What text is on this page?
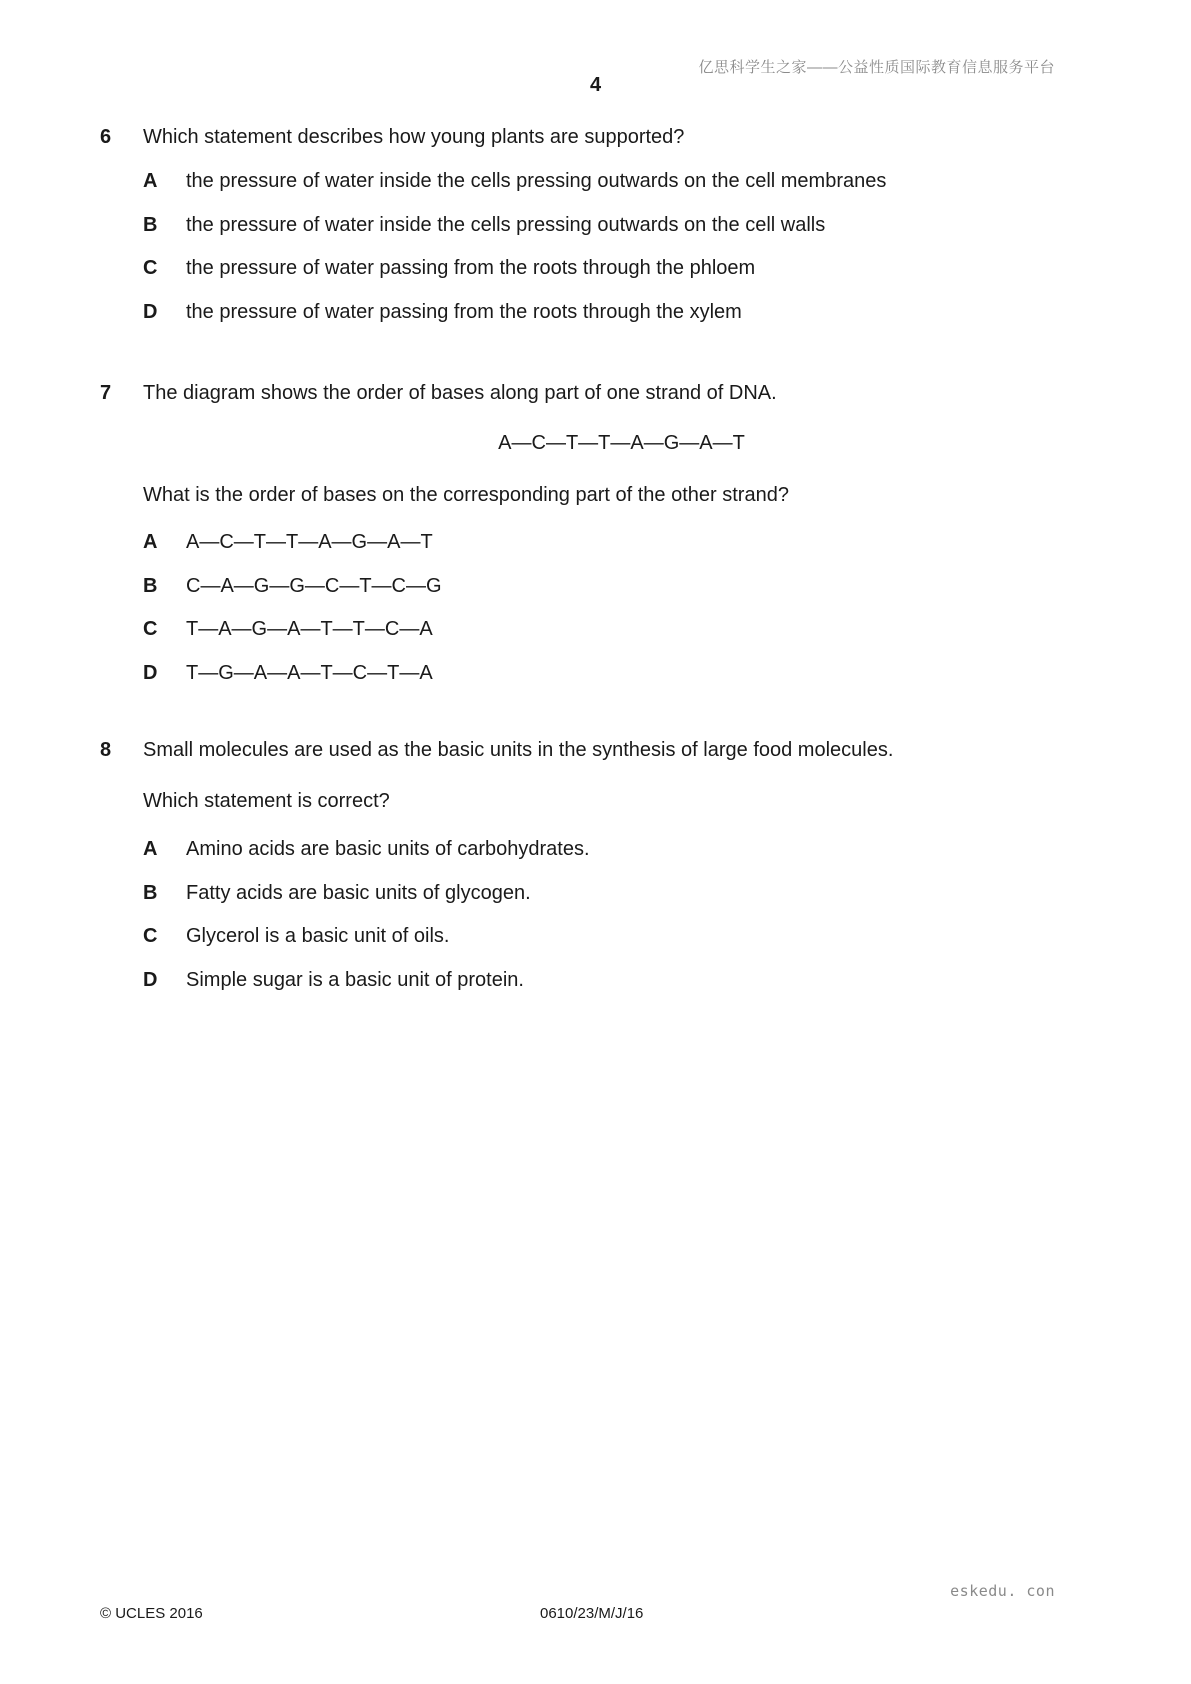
亿思科学生之家——公益性质国际教育信息服务平台
4
6 Which statement describes how young plants are supported?
A the pressure of water inside the cells pressing outwards on the cell membranes
B the pressure of water inside the cells pressing outwards on the cell walls
C the pressure of water passing from the roots through the phloem
D the pressure of water passing from the roots through the xylem
7 The diagram shows the order of bases along part of one strand of DNA.
A—C—T—T—A—G—A—T
What is the order of bases on the corresponding part of the other strand?
A A—C—T—T—A—G—A—T
B C—A—G—G—C—T—C—G
C T—A—G—A—T—T—C—A
D T—G—A—A—T—C—T—A
8 Small molecules are used as the basic units in the synthesis of large food molecules.
Which statement is correct?
A Amino acids are basic units of carbohydrates.
B Fatty acids are basic units of glycogen.
C Glycerol is a basic unit of oils.
D Simple sugar is a basic unit of protein.
eskedu. con
© UCLES 2016	0610/23/M/J/16
